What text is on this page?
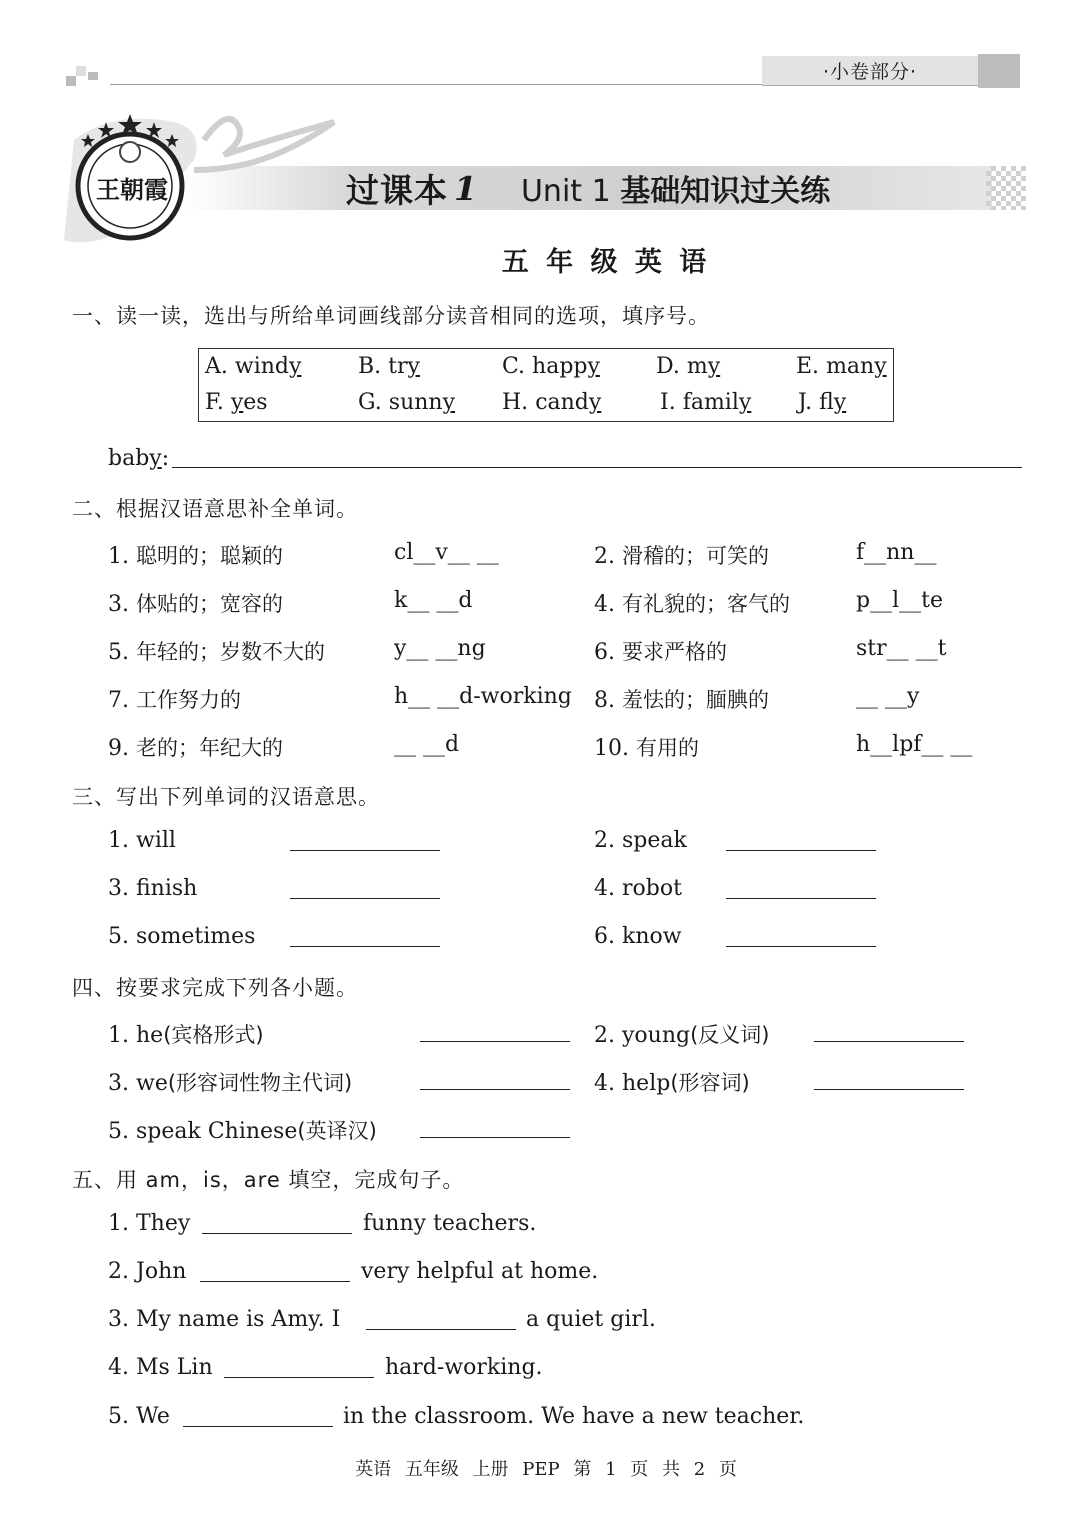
·小卷部分·
王朝霞	过课本 1 Unit 1 基础知识过关练
五 年 级 英 语
一、读一读，选出与所给单词画线部分读音相同的选项，填序号。
A. windy	B. try	C. happy	D. my	E. many
F. yes	G. sunny H. candy	I. family J. fly
baby:
二、根据汉语意思补全单词。
1. 聪明的；聪颖的	cl__v__ __	2. 滑稽的；可笑的	f__nn__
3. 体贴的；宽容的	k__ __d	4. 有礼貌的；客气的	p__l__te
5. 年轻的；岁数不大的	y__ __ng	6. 要求严格的	str__ __t
7. 工作努力的	h__ __d-working 8. 羞怯的；腼腆的	__ __y
9. 老的；年纪大的	__ __d	10. 有用的	h__lpf__ __
三、写出下列单词的汉语意思。
1. will	2. speak
3. finish	4. robot
5. sometimes	6. know
四、按要求完成下列各小题。
1. he(宾格形式)	2. young(反义词)
3. we(形容词性物主代词)	4. help(形容词)
5. speak Chinese(英译汉)
五、用 am，is，are 填空，完成句子。
1. They	funny teachers.
2. John	very helpful at home.
3. My name is Amy. I	a quiet girl.
4. Ms Lin	hard-working.
5. We	in the classroom. We have a new teacher.
英语 五年级 上册 PEP 第 1 页 共 2 页
